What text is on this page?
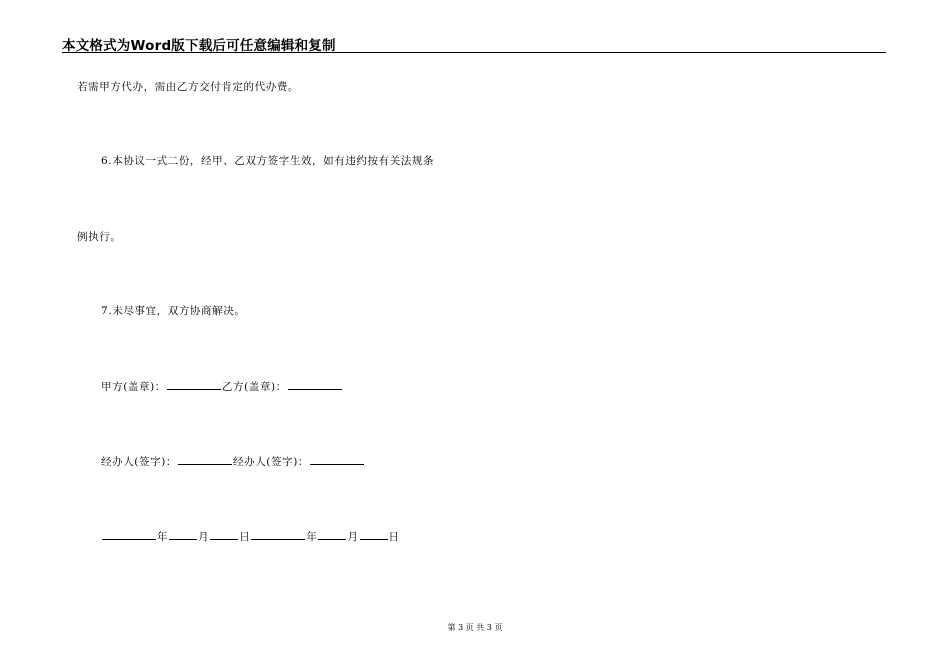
本文格式为Word版下载后可任意编辑和复制
若需甲方代办，需由乙方交付肯定的代办费。
6.本协议一式二份，经甲、乙双方签字生效，如有违约按有关法规条
例执行。
7.未尽事宜，双方协商解决。
甲方(盖章)：	乙方(盖章)：
经办人(签字)：	经办人(签字)：
年	月	日	年	月	日
第 3 页 共 3 页
